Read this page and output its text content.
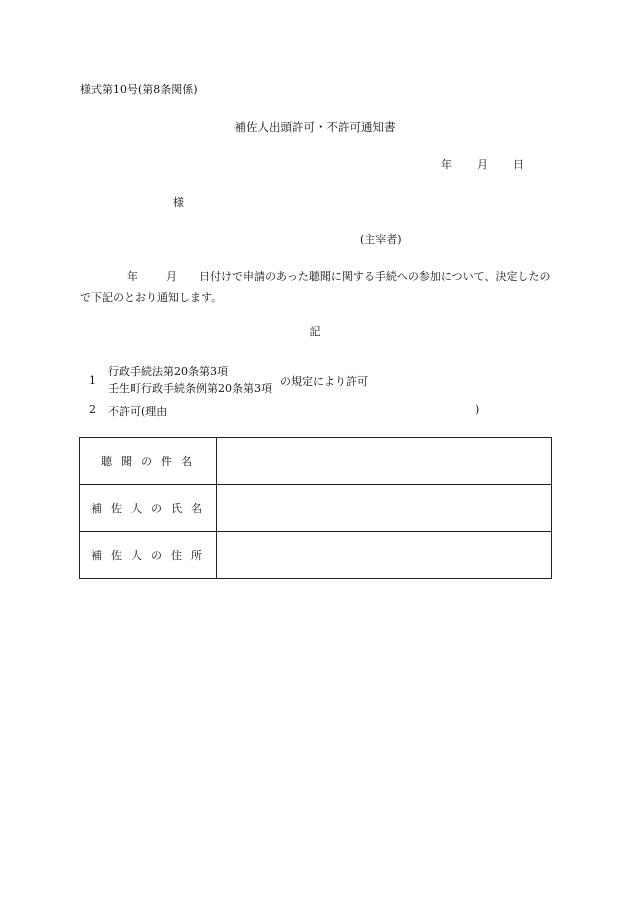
様式第10号(第8条関係)
補佐人出頭許可・不許可通知書
年 月 日
様
(主宰者)
年	月 日付けで申請のあった聴聞に関する手続への参加について、決定したので下記のとおり通知します。
記
1
行政手続法第20条第3項
壬生町行政手続条例第20条第3項
の規定により許可
2 不許可(理由	)
聴聞の件名	
補佐人の氏名	
補佐人の住所	
